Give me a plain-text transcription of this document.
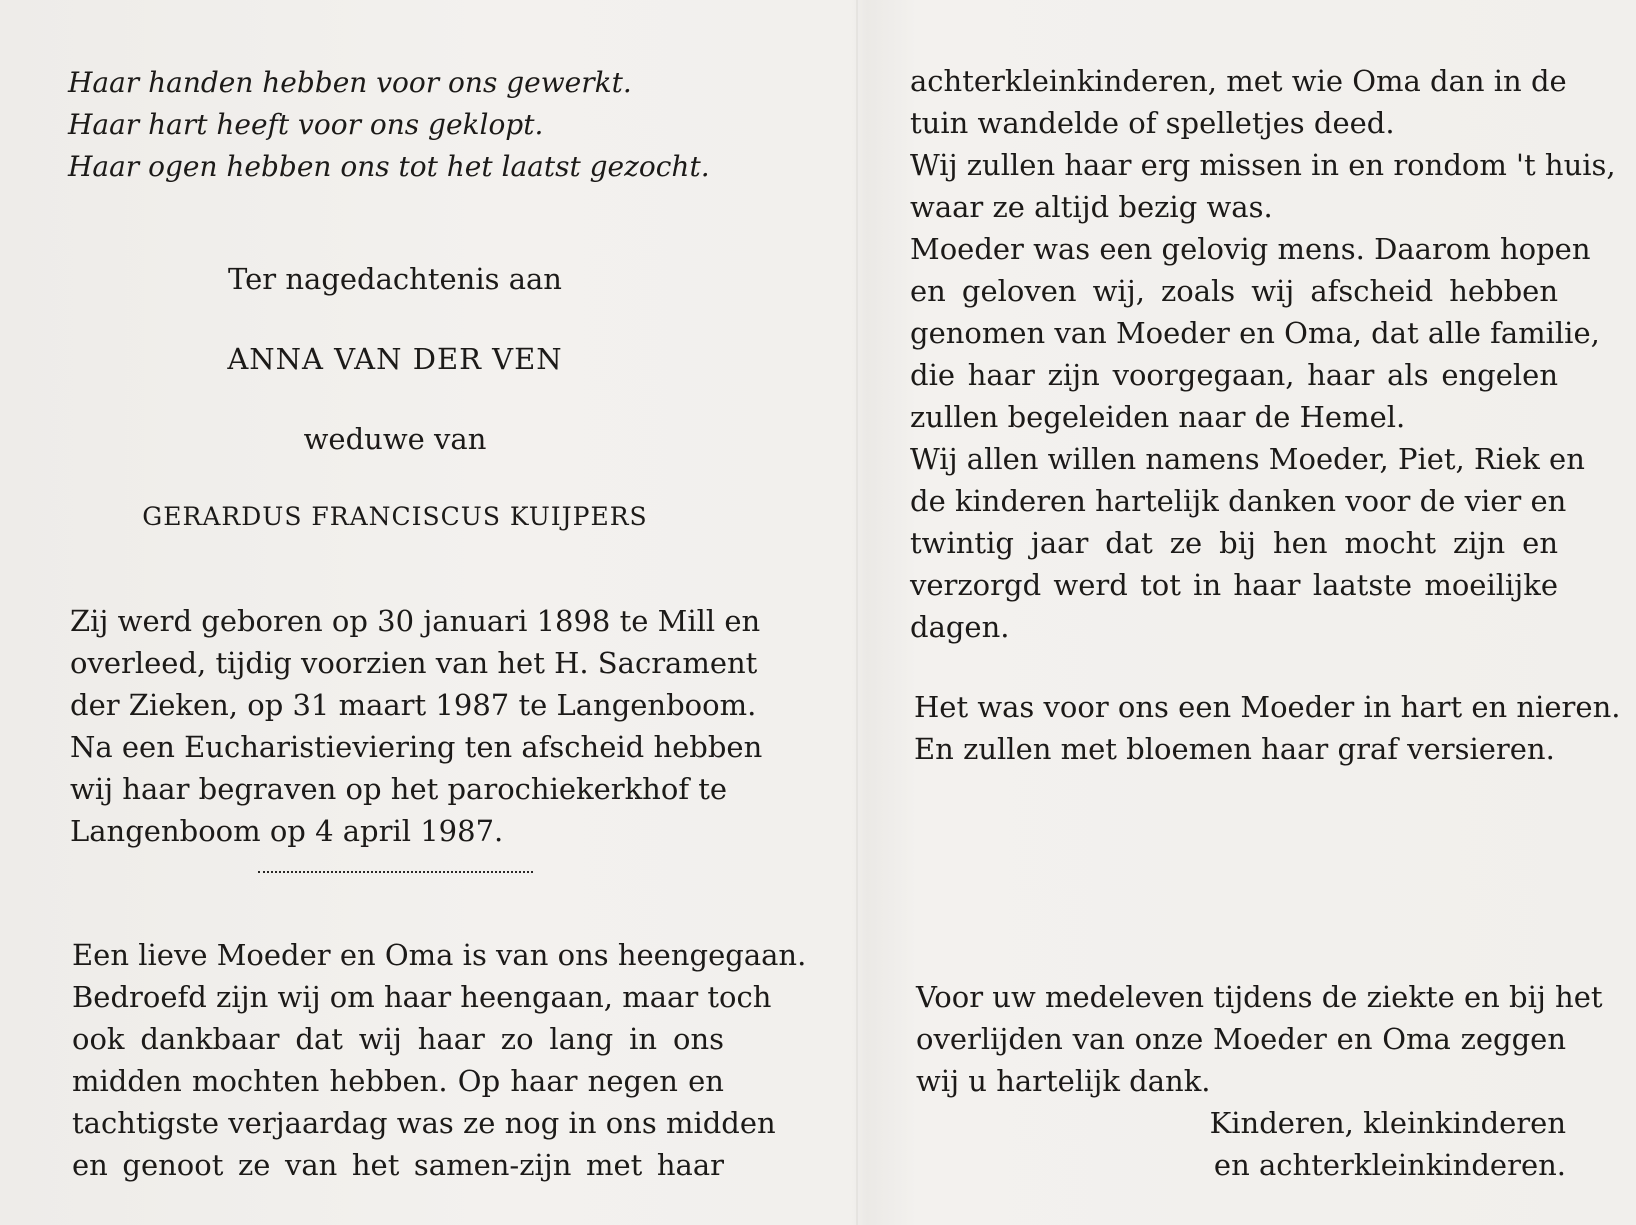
Haar handen hebben voor ons gewerkt.
Haar hart heeft voor ons geklopt.
Haar ogen hebben ons tot het laatst gezocht.
Ter nagedachtenis aan
ANNA VAN DER VEN
weduwe van
GERARDUS FRANCISCUS KUIJPERS
Zij werd geboren op 30 januari 1898 te Mill en
overleed, tijdig voorzien van het H. Sacrament
der Zieken, op 31 maart 1987 te Langenboom.
Na een Eucharistieviering ten afscheid hebben
wij haar begraven op het parochiekerkhof te
Langenboom op 4 april 1987.
Een lieve Moeder en Oma is van ons heengegaan.
Bedroefd zijn wij om haar heengaan, maar toch
ook dankbaar dat wij haar zo lang in ons
midden mochten hebben. Op haar negen en
tachtigste verjaardag was ze nog in ons midden
en genoot ze van het samen-zijn met haar
achterkleinkinderen, met wie Oma dan in de
tuin wandelde of spelletjes deed.
Wij zullen haar erg missen in en rondom 't huis,
waar ze altijd bezig was.
Moeder was een gelovig mens. Daarom hopen
en geloven wij, zoals wij afscheid hebben
genomen van Moeder en Oma, dat alle familie,
die haar zijn voorgegaan, haar als engelen
zullen begeleiden naar de Hemel.
Wij allen willen namens Moeder, Piet, Riek en
de kinderen hartelijk danken voor de vier en
twintig jaar dat ze bij hen mocht zijn en
verzorgd werd tot in haar laatste moeilijke
dagen.
Het was voor ons een Moeder in hart en nieren.
En zullen met bloemen haar graf versieren.
Voor uw medeleven tijdens de ziekte en bij het
overlijden van onze Moeder en Oma zeggen
wij u hartelijk dank.
Kinderen, kleinkinderen
en achterkleinkinderen.
